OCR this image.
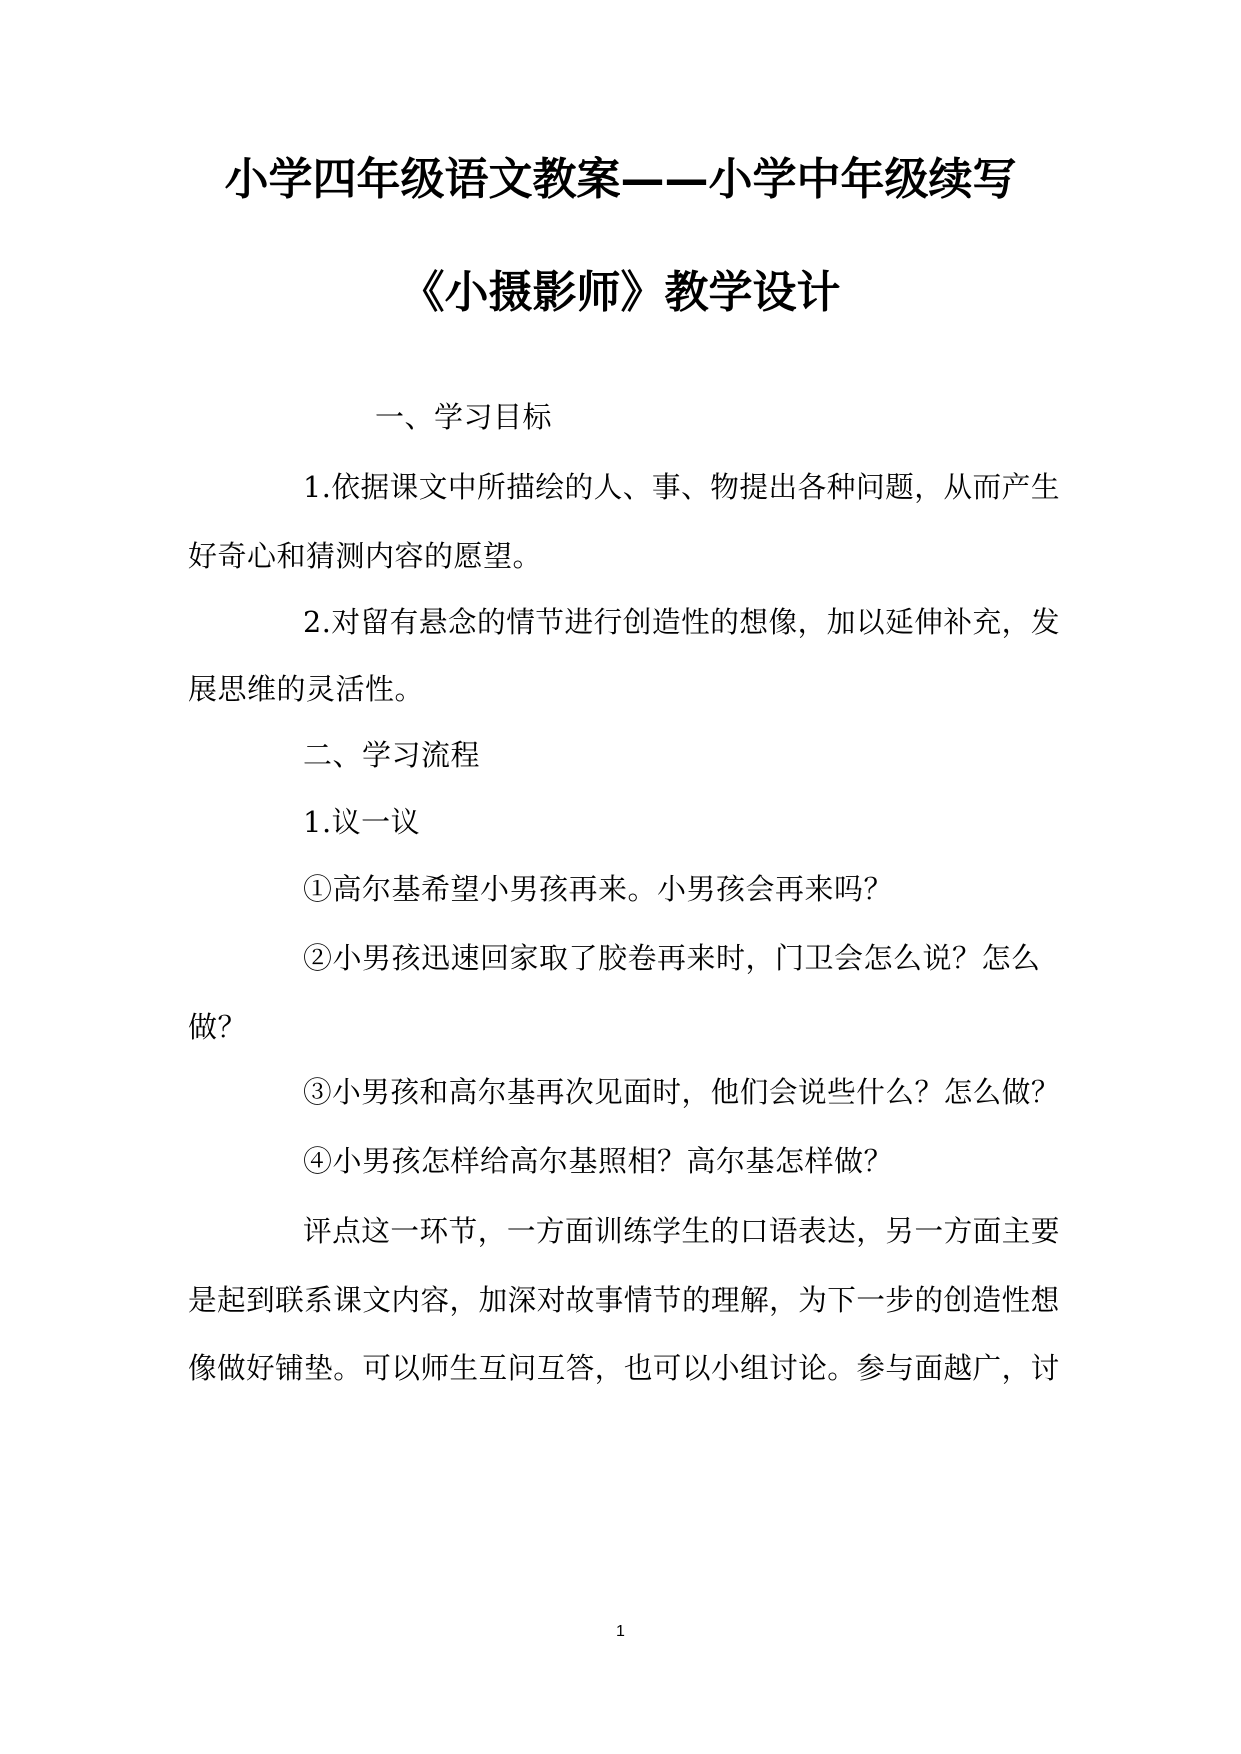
小学四年级语文教案——小学中年级续写
《小摄影师》教学设计
一、学习目标
1.依据课文中所描绘的人、事、物提出各种问题，从而产生
好奇心和猜测内容的愿望。
2.对留有悬念的情节进行创造性的想像，加以延伸补充，发
展思维的灵活性。
二、学习流程
1.议一议
①高尔基希望小男孩再来。小男孩会再来吗？
②小男孩迅速回家取了胶卷再来时，门卫会怎么说？怎么
做？
③小男孩和高尔基再次见面时，他们会说些什么？怎么做？
④小男孩怎样给高尔基照相？高尔基怎样做？
评点这一环节，一方面训练学生的口语表达，另一方面主要
是起到联系课文内容，加深对故事情节的理解，为下一步的创造性想
像做好铺垫。可以师生互问互答，也可以小组讨论。参与面越广，讨
1
